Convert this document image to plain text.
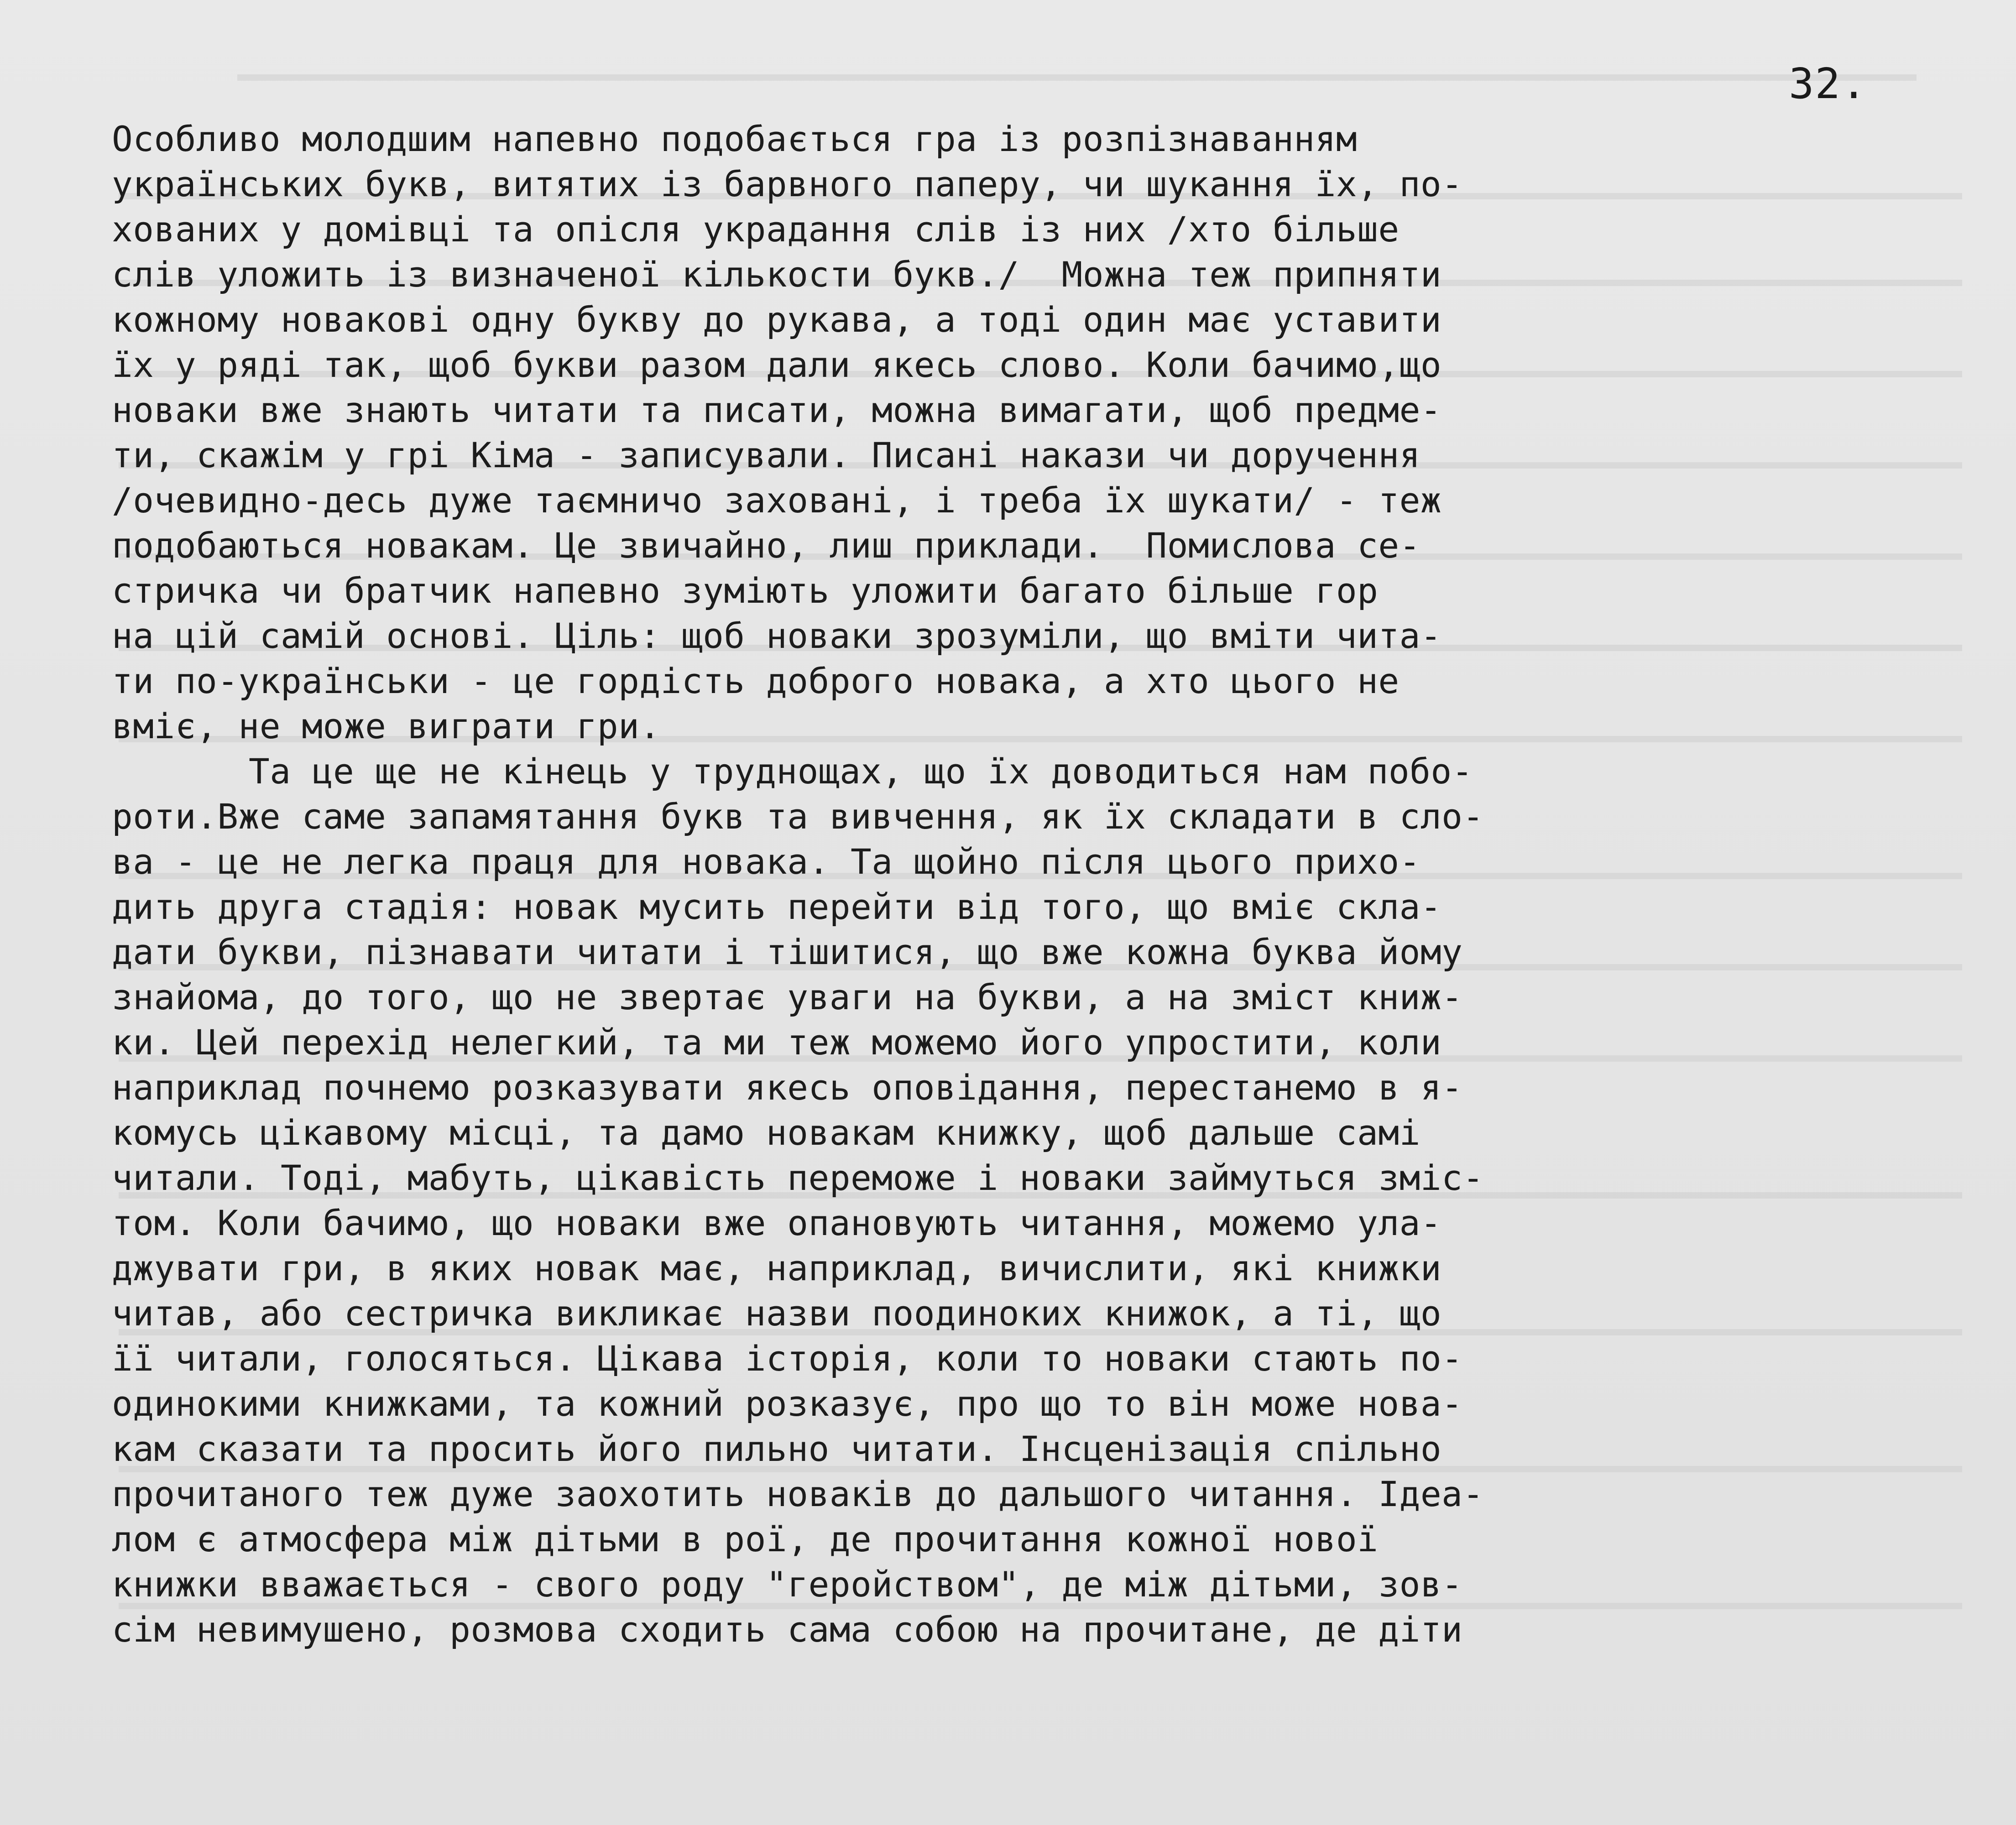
32.
Особливо молодшим напевно подобається гра із розпізнаванням
українських букв, витятих із барвного паперу, чи шукання їх, по-
хованих у домівці та опісля украдання слів із них /хто більше
слів уложить із визначеної кількости букв./  Можна теж припняти
кожному новакові одну букву до рукава, а тоді один має уставити
їх у ряді так, щоб букви разом дали якесь слово. Коли бачимо,що
новаки вже знають читати та писати, можна вимагати, щоб предме-
ти, скажім у грі Кіма - записували. Писані накази чи доручення
/очевидно-десь дуже таємничо заховані, і треба їх шукати/ - теж
подобаються новакам. Це звичайно, лиш приклади.  Помислова се-
стричка чи братчик напевно зуміють уложити багато більше гор
на цій самій основі. Ціль: щоб новаки зрозуміли, що вміти чита-
ти по-українськи - це гордість доброго новака, а хто цього не
вміє, не може виграти гри.
Та це ще не кінець у труднощах, що їх доводиться нам побо-
роти.Вже саме запамятання букв та вивчення, як їх складати в сло-
ва - це не легка праця для новака. Та щойно після цього прихо-
дить друга стадія: новак мусить перейти від того, що вміє скла-
дати букви, пізнавати читати і тішитися, що вже кожна буква йому
знайома, до того, що не звертає уваги на букви, а на зміст книж-
ки. Цей перехід нелегкий, та ми теж можемо його упростити, коли
наприклад почнемо розказувати якесь оповідання, перестанемо в я-
комусь цікавому місці, та дамо новакам книжку, щоб дальше самі
читали. Тоді, мабуть, цікавість переможе і новаки займуться зміс-
том. Коли бачимо, що новаки вже опановують читання, можемо ула-
джувати гри, в яких новак має, наприклад, вичислити, які книжки
читав, або сестричка викликає назви поодиноких книжок, а ті, що
її читали, голосяться. Цікава історія, коли то новаки стають по-
одинокими книжками, та кожний розказує, про що то він може нова-
кам сказати та просить його пильно читати. Інсценізація спільно
прочитаного теж дуже заохотить новаків до дальшого читання. Ідеа-
лом є атмосфера між дітьми в рої, де прочитання кожної нової
книжки вважається - свого роду "геройством", де між дітьми, зов-
сім невимушено, розмова сходить сама собою на прочитане, де діти
